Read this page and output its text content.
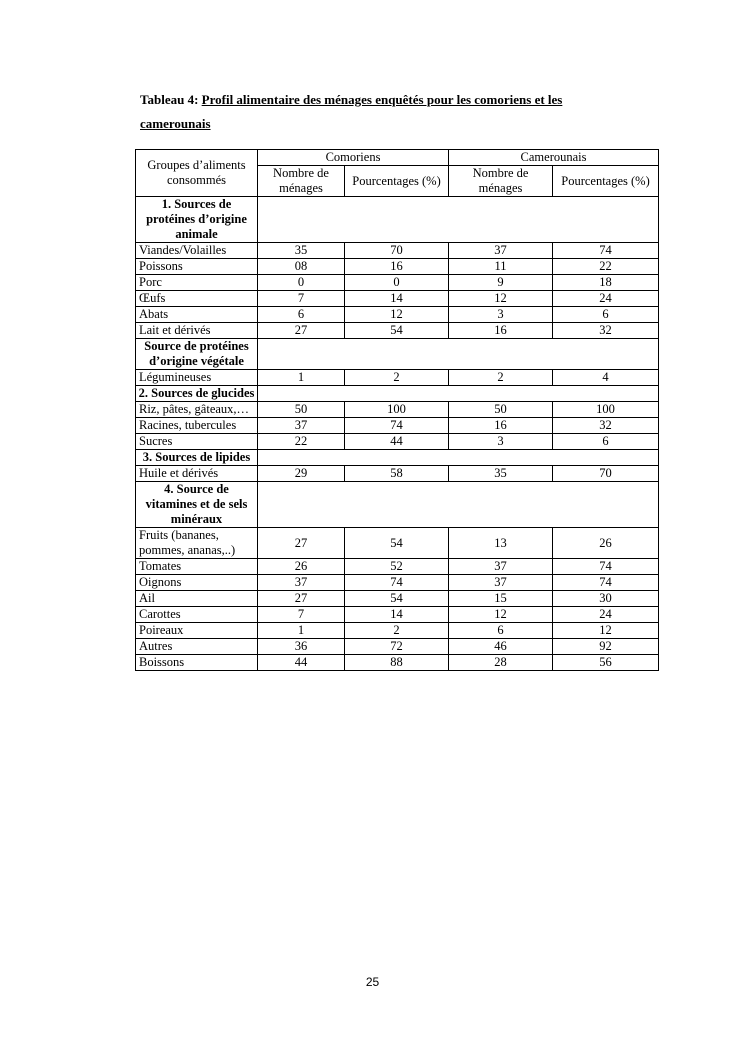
Tableau 4: Profil alimentaire des ménages enquêtés pour les comoriens et les camerounais
Groupes d’aliments consommés	Comoriens		Camerounais	
	Nombre de ménages	Pourcentages (%)	Nombre de ménages	Pourcentages (%)
1. Sources de protéines d’origine animale				
Viandes/Volailles	35	70	37	74
Poissons	08	16	11	22
Porc	0	0	9	18
Œufs	7	14	12	24
Abats	6	12	3	6
Lait et dérivés	27	54	16	32
Source de protéines d’origine végétale				
Légumineuses	1	2	2	4
2. Sources de glucides				
Riz, pâtes, gâteaux,…	50	100	50	100
Racines, tubercules	37	74	16	32
Sucres	22	44	3	6
3. Sources de lipides				
Huile et dérivés	29	58	35	70
4. Source de vitamines et de sels minéraux				
Fruits (bananes, pommes, ananas,..)	27	54	13	26
Tomates	26	52	37	74
Oignons	37	74	37	74
Ail	27	54	15	30
Carottes	7	14	12	24
Poireaux	1	2	6	12
Autres	36	72	46	92
Boissons	44	88	28	56
25
